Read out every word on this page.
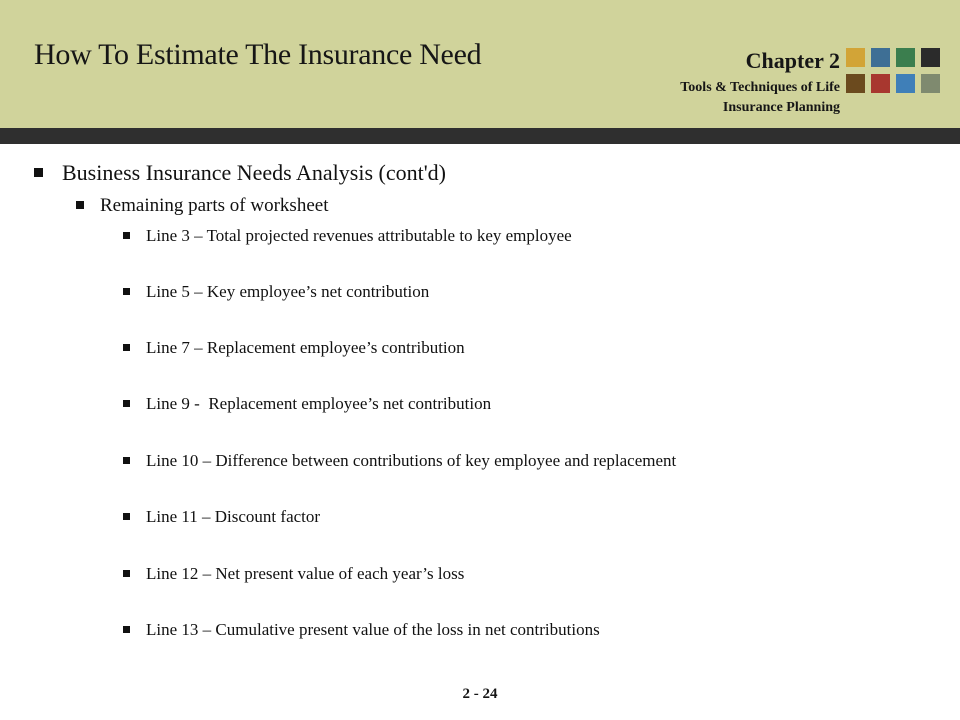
How To Estimate The Insurance Need	Chapter 2
Tools & Techniques of Life
Insurance Planning
Business Insurance Needs Analysis (cont'd)
Remaining parts of worksheet
Line 3 – Total projected revenues attributable to key employee
Line 5 – Key employee’s net contribution
Line 7 – Replacement employee’s contribution
Line 9 -  Replacement employee’s net contribution
Line 10 – Difference between contributions of key employee and replacement
Line 11 – Discount factor
Line 12 – Net present value of each year’s loss
Line 13 – Cumulative present value of the loss in net contributions
2 - 24
